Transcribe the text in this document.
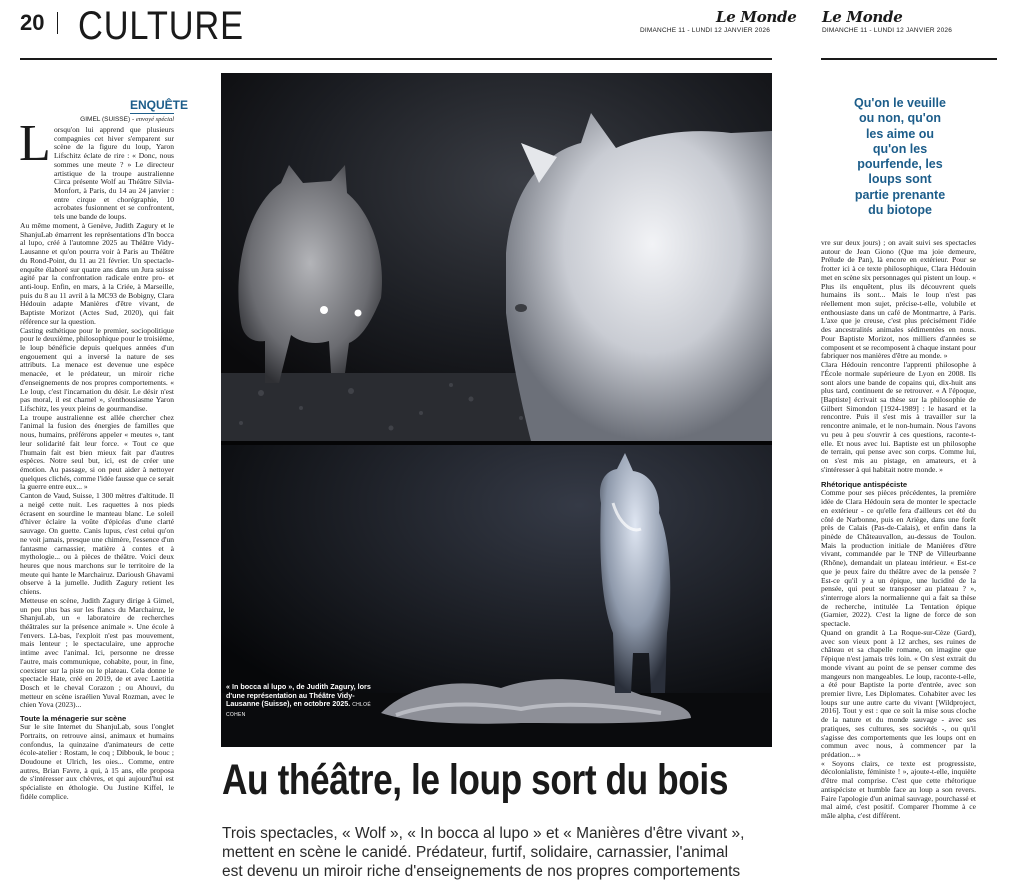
20 CULTURE	Le Monde
DIMANCHE 11 - LUNDI 12 JANVIER 2026
Le Monde
DIMANCHE 11 - LUNDI 12 JANVIER 2026
ENQUÊTE
GIMEL (SUISSE) - envoyé spécial
L orsqu'on lui apprend que plusieurs compagnies cet hiver s'emparent sur scène de la figure du loup, Yaron Lifschitz éclate de rire : « Donc, nous sommes une meute ? » Le directeur artistique de la troupe australienne Circa présente Wolf au Théâtre Silvia-Monfort, à Paris, du 14 au 24 janvier : entre cirque et chorégraphie, 10 acrobates fusionnent et se confrontent, tels une bande de loups.

Au même moment, à Genève, Judith Zagury et le ShanjuLab émarrent les représentations d'In bocca al lupo, créé à l'automne 2025 au Théâtre Vidy-Lausanne et qu'on pourra voir à Paris au Théâtre du Rond-Point, du 11 au 21 février. Un spectacle-enquête élaboré sur quatre ans dans un Jura suisse agité par la confrontation radicale entre pro- et anti-loup. Enfin, en mars, à la Criée, à Marseille, puis du 8 au 11 avril à la MC93 de Bobigny, Clara Hédouin adapte Manières d'être vivant, de Baptiste Morizot (Actes Sud, 2020), qui fait référence sur la question.

Casting esthétique pour le premier, sociopolitique pour le deuxième, philosophique pour le troisième, le loup bénéficie depuis quelques années d'un engouement qui a inversé la nature de ses attributs. La menace est devenue une espèce menacée, et le prédateur, un miroir riche d'enseignements de nos propres comportements. « Le loup, c'est l'incarnation du désir. Le désir n'est pas moral, il est charnel », s'enthousiasme Yaron Lifschitz, les yeux pleins de gourmandise.

La troupe australienne est allée chercher chez l'animal la fusion des énergies de familles que nous, humains, préférons appeler « meutes », tant leur solidarité fait leur force. « Tout ce que l'humain fait est bien mieux fait par d'autres espèces. Notre seul but, ici, est de créer une émotion. Au passage, si on peut aider à nettoyer quelques clichés, comme l'idée fausse que ce serait la guerre entre eux... »

Canton de Vaud, Suisse, 1 300 mètres d'altitude. Il a neigé cette nuit. Les raquettes à nos pieds écrasent en sourdine le manteau blanc. Le soleil d'hiver éclaire la voûte d'épicéas d'une clarté sauvage. On guette. Canis lupus, c'est celui qu'on ne voit jamais, presque une chimère, l'essence d'un fantasme carnassier, matière à contes et à mythologie... ou à pièces de théâtre. Voici deux heures que nous marchons sur le territoire de la meute qui hante le Marchairuz. Darioush Ghavami observe à la jumelle. Judith Zagury retient les chiens.

Metteuse en scène, Judith Zagury dirige à Gimel, un peu plus bas sur les flancs du Marchairuz, le ShanjuLab, un « laboratoire de recherches théâtrales sur la présence animale ». Une école à l'envers. Là-bas, l'exploit n'est pas mouvement, mais lenteur ; le spectaculaire, une approche intime avec l'animal. Ici, personne ne dresse l'autre, mais communique, cohabite, pour, in fine, coexister sur la piste ou le plateau. Cela donne le spectacle Hate, créé en 2019, de et avec Laetitia Dosch et le cheval Corazon ; ou Ahouvi, du metteur en scène israélien Yuval Rozman, avec le chien Yova (2023)...

Toute la ménagerie sur scène

Sur le site Internet du ShanjuLab, sous l'onglet Portraits, on retrouve ainsi, animaux et humains confondus, la quinzaine d'animateurs de cette école-atelier : Rostam, le coq ; Dibbouk, le bouc ; Doudoune et Ulrich, les oies... Comme, entre autres, Brian Favre, à qui, à 15 ans, elle proposa de s'intéresser aux chèvres, et qui aujourd'hui est spécialiste en éthologie. Ou Justine Kiffel, le fidèle complice.

« In bocca al lupo », de Judith Zagury, lors d'une représentation au Théâtre Vidy-Lausanne (Suisse), en octobre 2025. CHLOÉ COHEN
Au théâtre, le loup sort du bois
Trois spectacles, « Wolf », « In bocca al lupo » et « Manières d'être vivant »,
mettent en scène le canidé. Prédateur, furtif, solidaire, carnassier, l'animal
est devenu un miroir riche d'enseignements de nos propres comportements
Qu'on le veuille ou non, qu'on les aime ou qu'on les pourfende, les loups sont partie prenante du biotope

vre sur deux jours) ; on avait suivi ses spectacles autour de Jean Giono (Que ma joie demeure, Prélude de Pan), là encore en extérieur. Pour se frotter ici à ce texte philosophique, Clara Hédouin met en scène six personnages qui pistent un loup. « Plus ils enquêtent, plus ils découvrent quels humains ils sont... Mais le loup n'est pas réellement mon sujet, précise-t-elle, volubile et enthousiaste dans un café de Montmartre, à Paris. L'axe que je creuse, c'est plus précisément l'idée des ancestralités animales sédimentées en nous. Pour Baptiste Morizot, nos milliers d'années se composent et se recomposent à chaque instant pour fabriquer nos manières d'être au monde. »

Clara Hédouin rencontre l'apprenti philosophe à l'École normale supérieure de Lyon en 2008. Ils sont alors une bande de copains qui, dix-huit ans plus tard, continuent de se retrouver. « A l'époque, [Baptiste] écrivait sa thèse sur la philosophie de Gilbert Simondon [1924-1989] : le hasard et la rencontre. Puis il s'est mis à travailler sur la rencontre animale, et le non-humain. Nous l'avons vu peu à peu s'ouvrir à ces questions, raconte-t-elle. Et nous avec lui. Baptiste est un philosophe de terrain, qui pense avec son corps. Comme lui, on s'est mis au pistage, en amateurs, et à s'intéresser à qui habitait notre monde. »

Rhétorique antispéciste

Comme pour ses pièces précédentes, la première idée de Clara Hédouin sera de monter le spectacle en extérieur - ce qu'elle fera d'ailleurs cet été du côté de Narbonne, puis en Ariège, dans une forêt près de Calais (Pas-de-Calais), et enfin dans la pinède de Châteauvallon, au-dessus de Toulon. Mais la production initiale de Manières d'être vivant, commandée par le TNP de Villeurbanne (Rhône), demandait un plateau intérieur. « Est-ce que je peux faire du théâtre avec de la pensée ? Est-ce qu'il y a un épique, une lucidité de la pensée, qui peut se transposer au plateau ? », s'interroge alors la normalienne qui a fait sa thèse de recherche, intitulée La Tentation épique (Garnier, 2022). C'est la ligne de force de son spectacle.

Quand on grandit à La Roque-sur-Cèze (Gard), avec son vieux pont à 12 arches, ses ruines de château et sa chapelle romane, on imagine que l'épique n'est jamais très loin. « On s'est extrait du monde vivant au point de se penser comme des mangeurs non mangeables. Le loup, raconte-t-elle, a été pour Baptiste la porte d'entrée, avec son premier livre, Les Diplomates. Cohabiter avec les loups sur une autre carte du vivant [Wildproject, 2016]. Tout y est : que ce soit la mise sous cloche de la nature et du monde sauvage - avec ses pratiques, ses cultures, ses sociétés -, ou qu'il s'agisse des comportements que les loups ont en commun avec nous, à commencer par la prédation... »

« Soyons clairs, ce texte est progressiste, décolonialiste, féministe ! », ajoute-t-elle, inquiète d'être mal comprise. C'est que cette rhétorique antispéciste et humble face au loup a son revers. Faire l'apologie d'un animal sauvage, pourchassé et mal aimé, c'est positif. Comparer l'homme à ce mâle alpha, c'est différent.
